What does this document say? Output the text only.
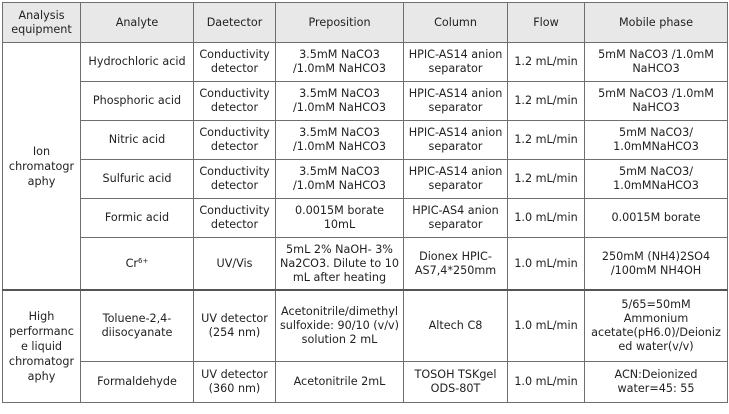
Analysis equipment	Analyte	Daetector	Preposition	Column	Flow	Mobile phase
Ion chromatography	Hydrochloric acid	Conductivity detector	3.5mM NaCO3 /1.0mM NaHCO3	HPIC-AS14 anion separator	1.2 mL/min	5mM NaCO3 /1.0mM NaHCO3
	Phosphoric acid	Conductivity detector	3.5mM NaCO3 /1.0mM NaHCO3	HPIC-AS14 anion separator	1.2 mL/min	5mM NaCO3 /1.0mM NaHCO3
	Nitric acid	Conductivity detector	3.5mM NaCO3 /1.0mM NaHCO3	HPIC-AS14 anion separator	1.2 mL/min	5mM NaCO3/ 1.0mMNaHCO3
	Sulfuric acid	Conductivity detector	3.5mM NaCO3 /1.0mM NaHCO3	HPIC-AS14 anion separator	1.2 mL/min	5mM NaCO3/ 1.0mMNaHCO3
	Formic acid	Conductivity detector	0.0015M borate 10mL	HPIC-AS4 anion separator	1.0 mL/min	0.0015M borate
	$Cr^{6+}$	UV/Vis	5mL 2% NaOH- 3% Na2CO3. Dilute to 10 mL after heating	Dionex HPIC-AS7,4*250mm	1.0 mL/min	250mM (NH4)2SO4 /100mM NH4OH
High performance liquid chromatography	Toluene-2,4-diisocyanate	UV detector (254 nm)	Acetonitrile/dimethyl sulfoxide: 90/10 (v/v) solution 2 mL	Altech C8	1.0 mL/min	5/65=50mM Ammonium acetate(pH6.0)/Deionized water(v/v)
	Formaldehyde	UV detector (360 nm)	Acetonitrile 2mL	TOSOH TSKgel ODS-80T	1.0 mL/min	ACN:Deionized water=45: 55
